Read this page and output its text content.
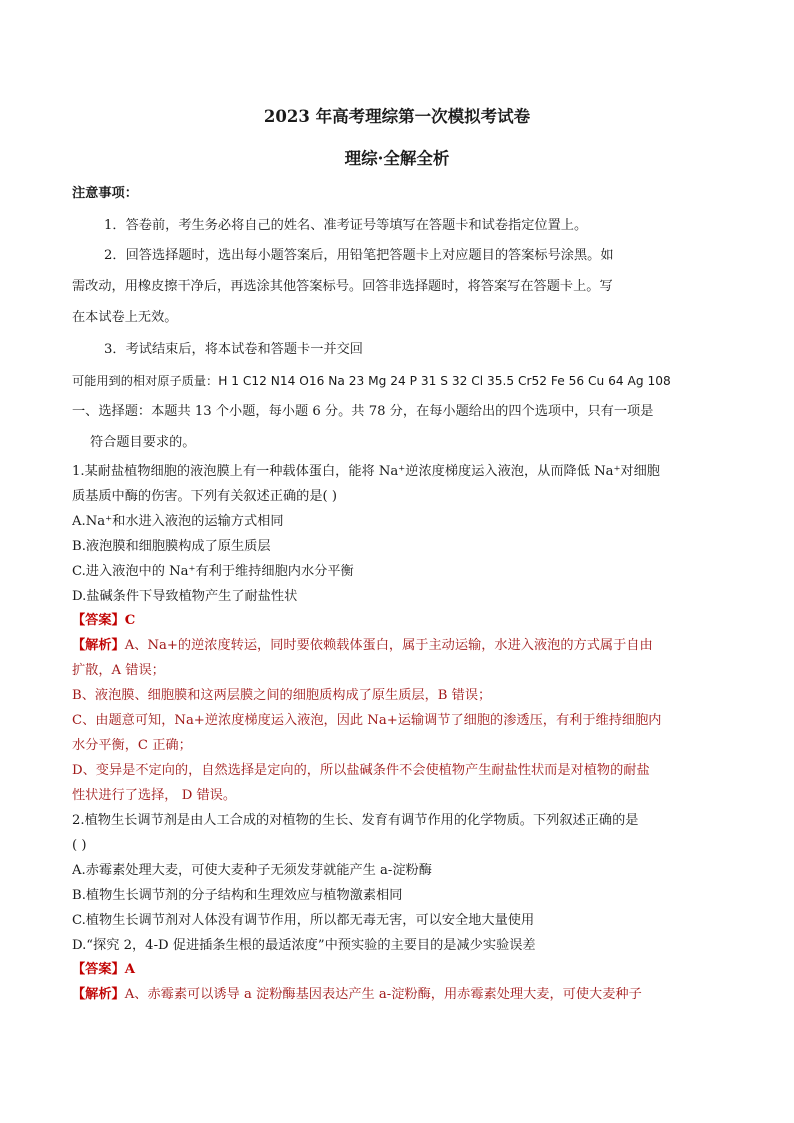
2023 年高考理综第一次模拟考试卷
理综·全解全析
注意事项：
1．答卷前，考生务必将自己的姓名、准考证号等填写在答题卡和试卷指定位置上。
2．回答选择题时，选出每小题答案后，用铅笔把答题卡上对应题目的答案标号涂黑。如
需改动，用橡皮擦干净后，再选涂其他答案标号。回答非选择题时，将答案写在答题卡上。写
在本试卷上无效。
3．考试结束后，将本试卷和答题卡一并交回
可能用到的相对原子质量：H 1 C12 N14 O16 Na 23 Mg 24 P 31 S 32 Cl 35.5 Cr52 Fe 56 Cu 64 Ag 108
一、选择题：本题共 13 个小题，每小题 6 分。共 78 分，在每小题给出的四个选项中，只有一项是
符合题目要求的。
1.某耐盐植物细胞的液泡膜上有一种载体蛋白，能将 Na⁺逆浓度梯度运入液泡，从而降低 Na⁺对细胞
质基质中酶的伤害。下列有关叙述正确的是( )
A.Na⁺和水进入液泡的运输方式相同
B.液泡膜和细胞膜构成了原生质层
C.进入液泡中的 Na⁺有利于维持细胞内水分平衡
D.盐碱条件下导致植物产生了耐盐性状
【答案】C
【解析】A、Na+的逆浓度转运，同时要依赖载体蛋白，属于主动运输，水进入液泡的方式属于自由
扩散，A 错误；
B、液泡膜、细胞膜和这两层膜之间的细胞质构成了原生质层，B 错误；
C、由题意可知，Na+逆浓度梯度运入液泡，因此 Na+运输调节了细胞的渗透压，有利于维持细胞内
水分平衡，C 正确；
D、变异是不定向的，自然选择是定向的，所以盐碱条件不会使植物产生耐盐性状而是对植物的耐盐
性状进行了选择， D 错误。
2.植物生长调节剂是由人工合成的对植物的生长、发育有调节作用的化学物质。下列叙述正确的是
( )
A.赤霉素处理大麦，可使大麦种子无须发芽就能产生 a-淀粉酶
B.植物生长调节剂的分子结构和生理效应与植物激素相同
C.植物生长调节剂对人体没有调节作用，所以都无毒无害，可以安全地大量使用
D.“探究 2，4-D 促进插条生根的最适浓度”中预实验的主要目的是减少实验误差
【答案】A
【解析】A、赤霉素可以诱导 a 淀粉酶基因表达产生 a-淀粉酶，用赤霉素处理大麦，可使大麦种子
